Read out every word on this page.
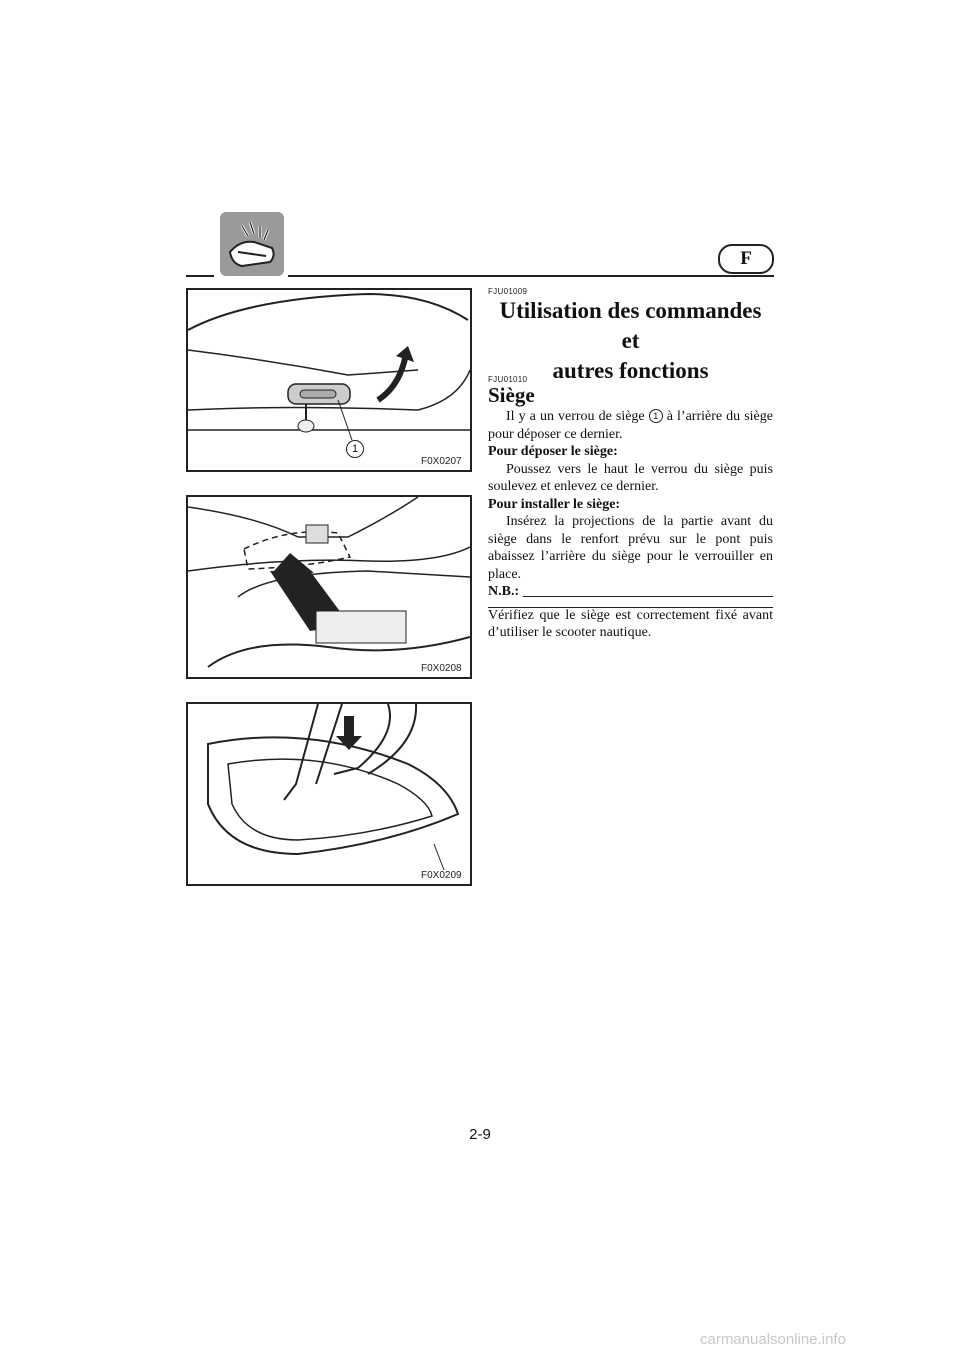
F
1
F0X0207
F0X0208
F0X0209
FJU01009
Utilisation des commandes et
autres fonctions
FJU01010
Siège

Il y a un verrou de siège 1 à l’arrière du siège pour déposer ce dernier.

Pour déposer le siège:

Poussez vers le haut le verrou du siège puis soulevez et enlevez ce dernier.

Pour installer le siège:

Insérez la projections de la partie avant du siège dans le renfort prévu sur le pont puis abaissez l’arrière du siège pour le verrouiller en place.

N.B.:

Vérifiez que le siège est correctement fixé avant d’utiliser le scooter nautique.

2-9
carmanualsonline.info
